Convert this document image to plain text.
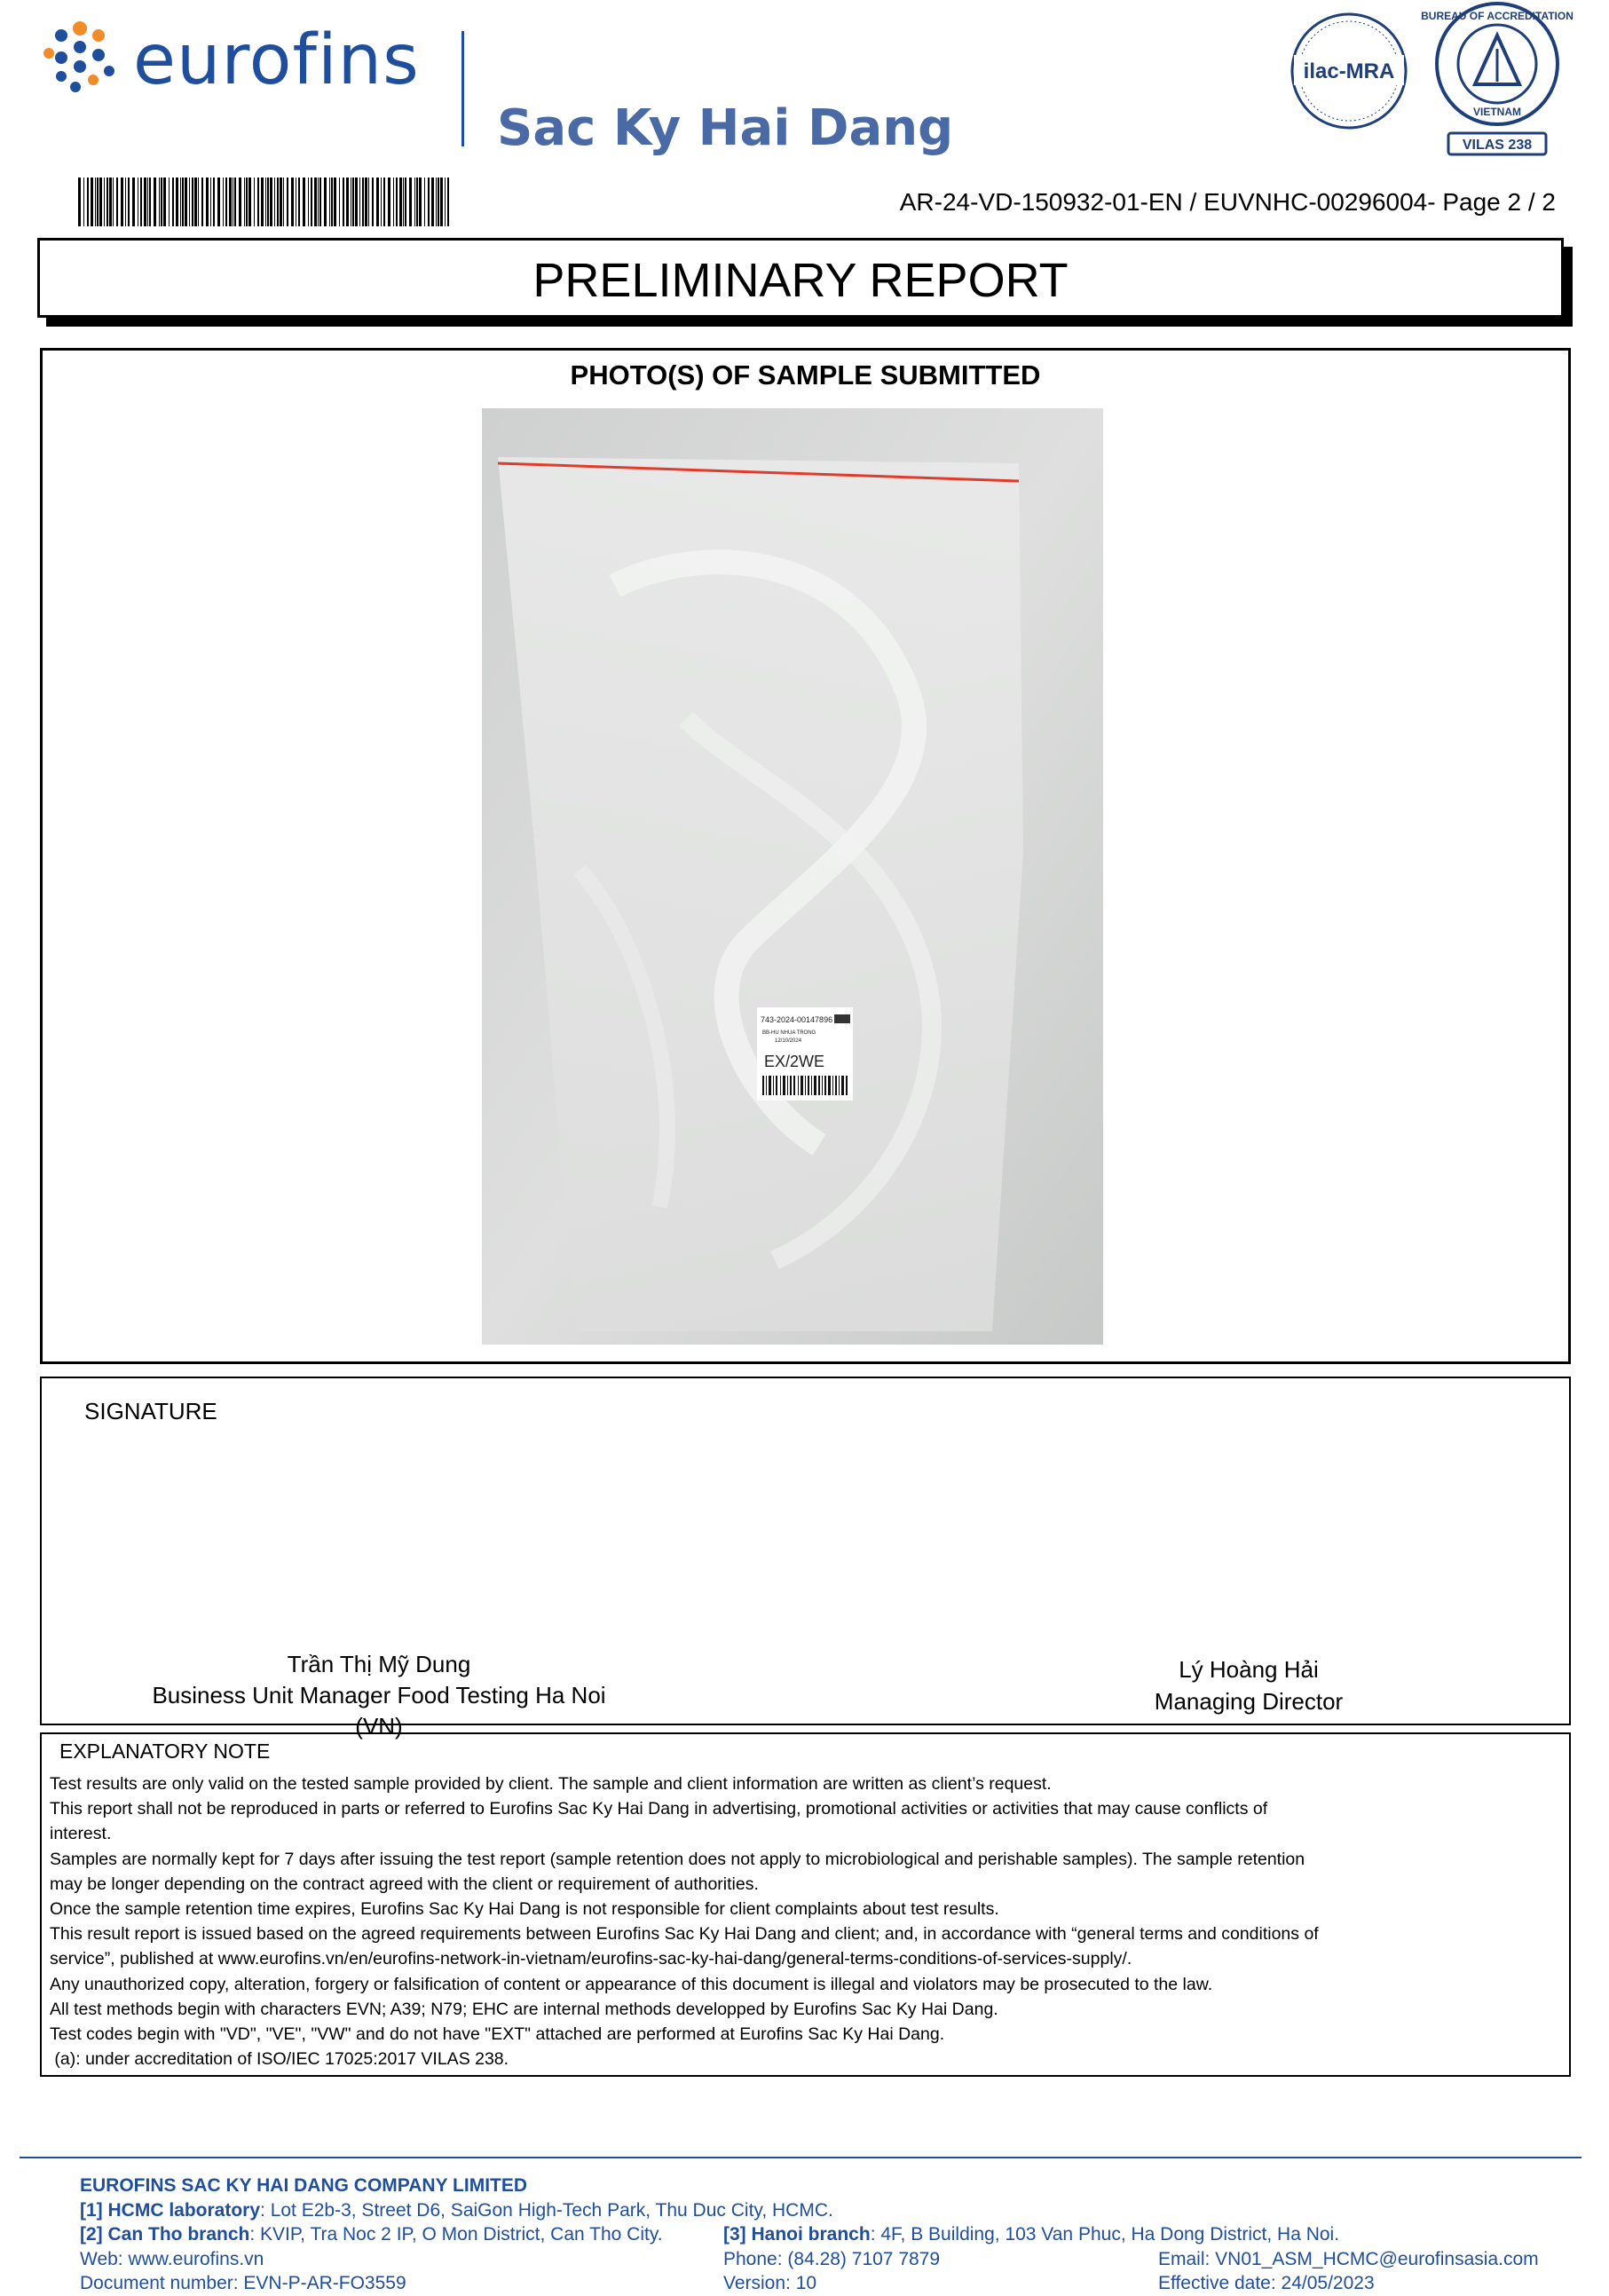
eurofins
Sac Ky Hai Dang
ilac-MRA
BUREAU OF ACCREDITATION
VIETNAM
VILAS 238
AR-24-VD-150932-01-EN / EUVNHC-00296004- Page 2 / 2
PRELIMINARY REPORT
PHOTO(S) OF SAMPLE SUBMITTED
743-2024-00147896
BB-HU NHUA TRONG
12/10/2024
EX/2WE
SIGNATURE
Trần Thị Mỹ Dung
Business Unit Manager Food Testing Ha Noi (VN)
Lý Hoàng Hải
Managing Director
EXPLANATORY NOTE
Test results are only valid on the tested sample provided by client. The sample and client information are written as client’s request.
This report shall not be reproduced in parts or referred to Eurofins Sac Ky Hai Dang in advertising, promotional activities or activities that may cause conflicts of
interest.
Samples are normally kept for 7 days after issuing the test report (sample retention does not apply to microbiological and perishable samples). The sample retention
may be longer depending on the contract agreed with the client or requirement of authorities.
Once the sample retention time expires, Eurofins Sac Ky Hai Dang is not responsible for client complaints about test results.
This result report is issued based on the agreed requirements between Eurofins Sac Ky Hai Dang and client; and, in accordance with “general terms and conditions of
service”, published at www.eurofins.vn/en/eurofins-network-in-vietnam/eurofins-sac-ky-hai-dang/general-terms-conditions-of-services-supply/.
Any unauthorized copy, alteration, forgery or falsification of content or appearance of this document is illegal and violators may be prosecuted to the law.
All test methods begin with characters EVN; A39; N79; EHC are internal methods developped by Eurofins Sac Ky Hai Dang.
Test codes begin with "VD", "VE", "VW" and do not have "EXT" attached are performed at Eurofins Sac Ky Hai Dang.
(a): under accreditation of ISO/IEC 17025:2017 VILAS 238.
EUROFINS SAC KY HAI DANG COMPANY LIMITED
[1] HCMC laboratory: Lot E2b-3, Street D6, SaiGon High-Tech Park, Thu Duc City, HCMC.
[2] Can Tho branch: KVIP, Tra Noc 2 IP, O Mon District, Can Tho City.	[3] Hanoi branch: 4F, B Building, 103 Van Phuc, Ha Dong District, Ha Noi.
Web: www.eurofins.vn	Phone: (84.28) 7107 7879	Email: VN01_ASM_HCMC@eurofinsasia.com
Document number: EVN-P-AR-FO3559	Version: 10	Effective date: 24/05/2023
